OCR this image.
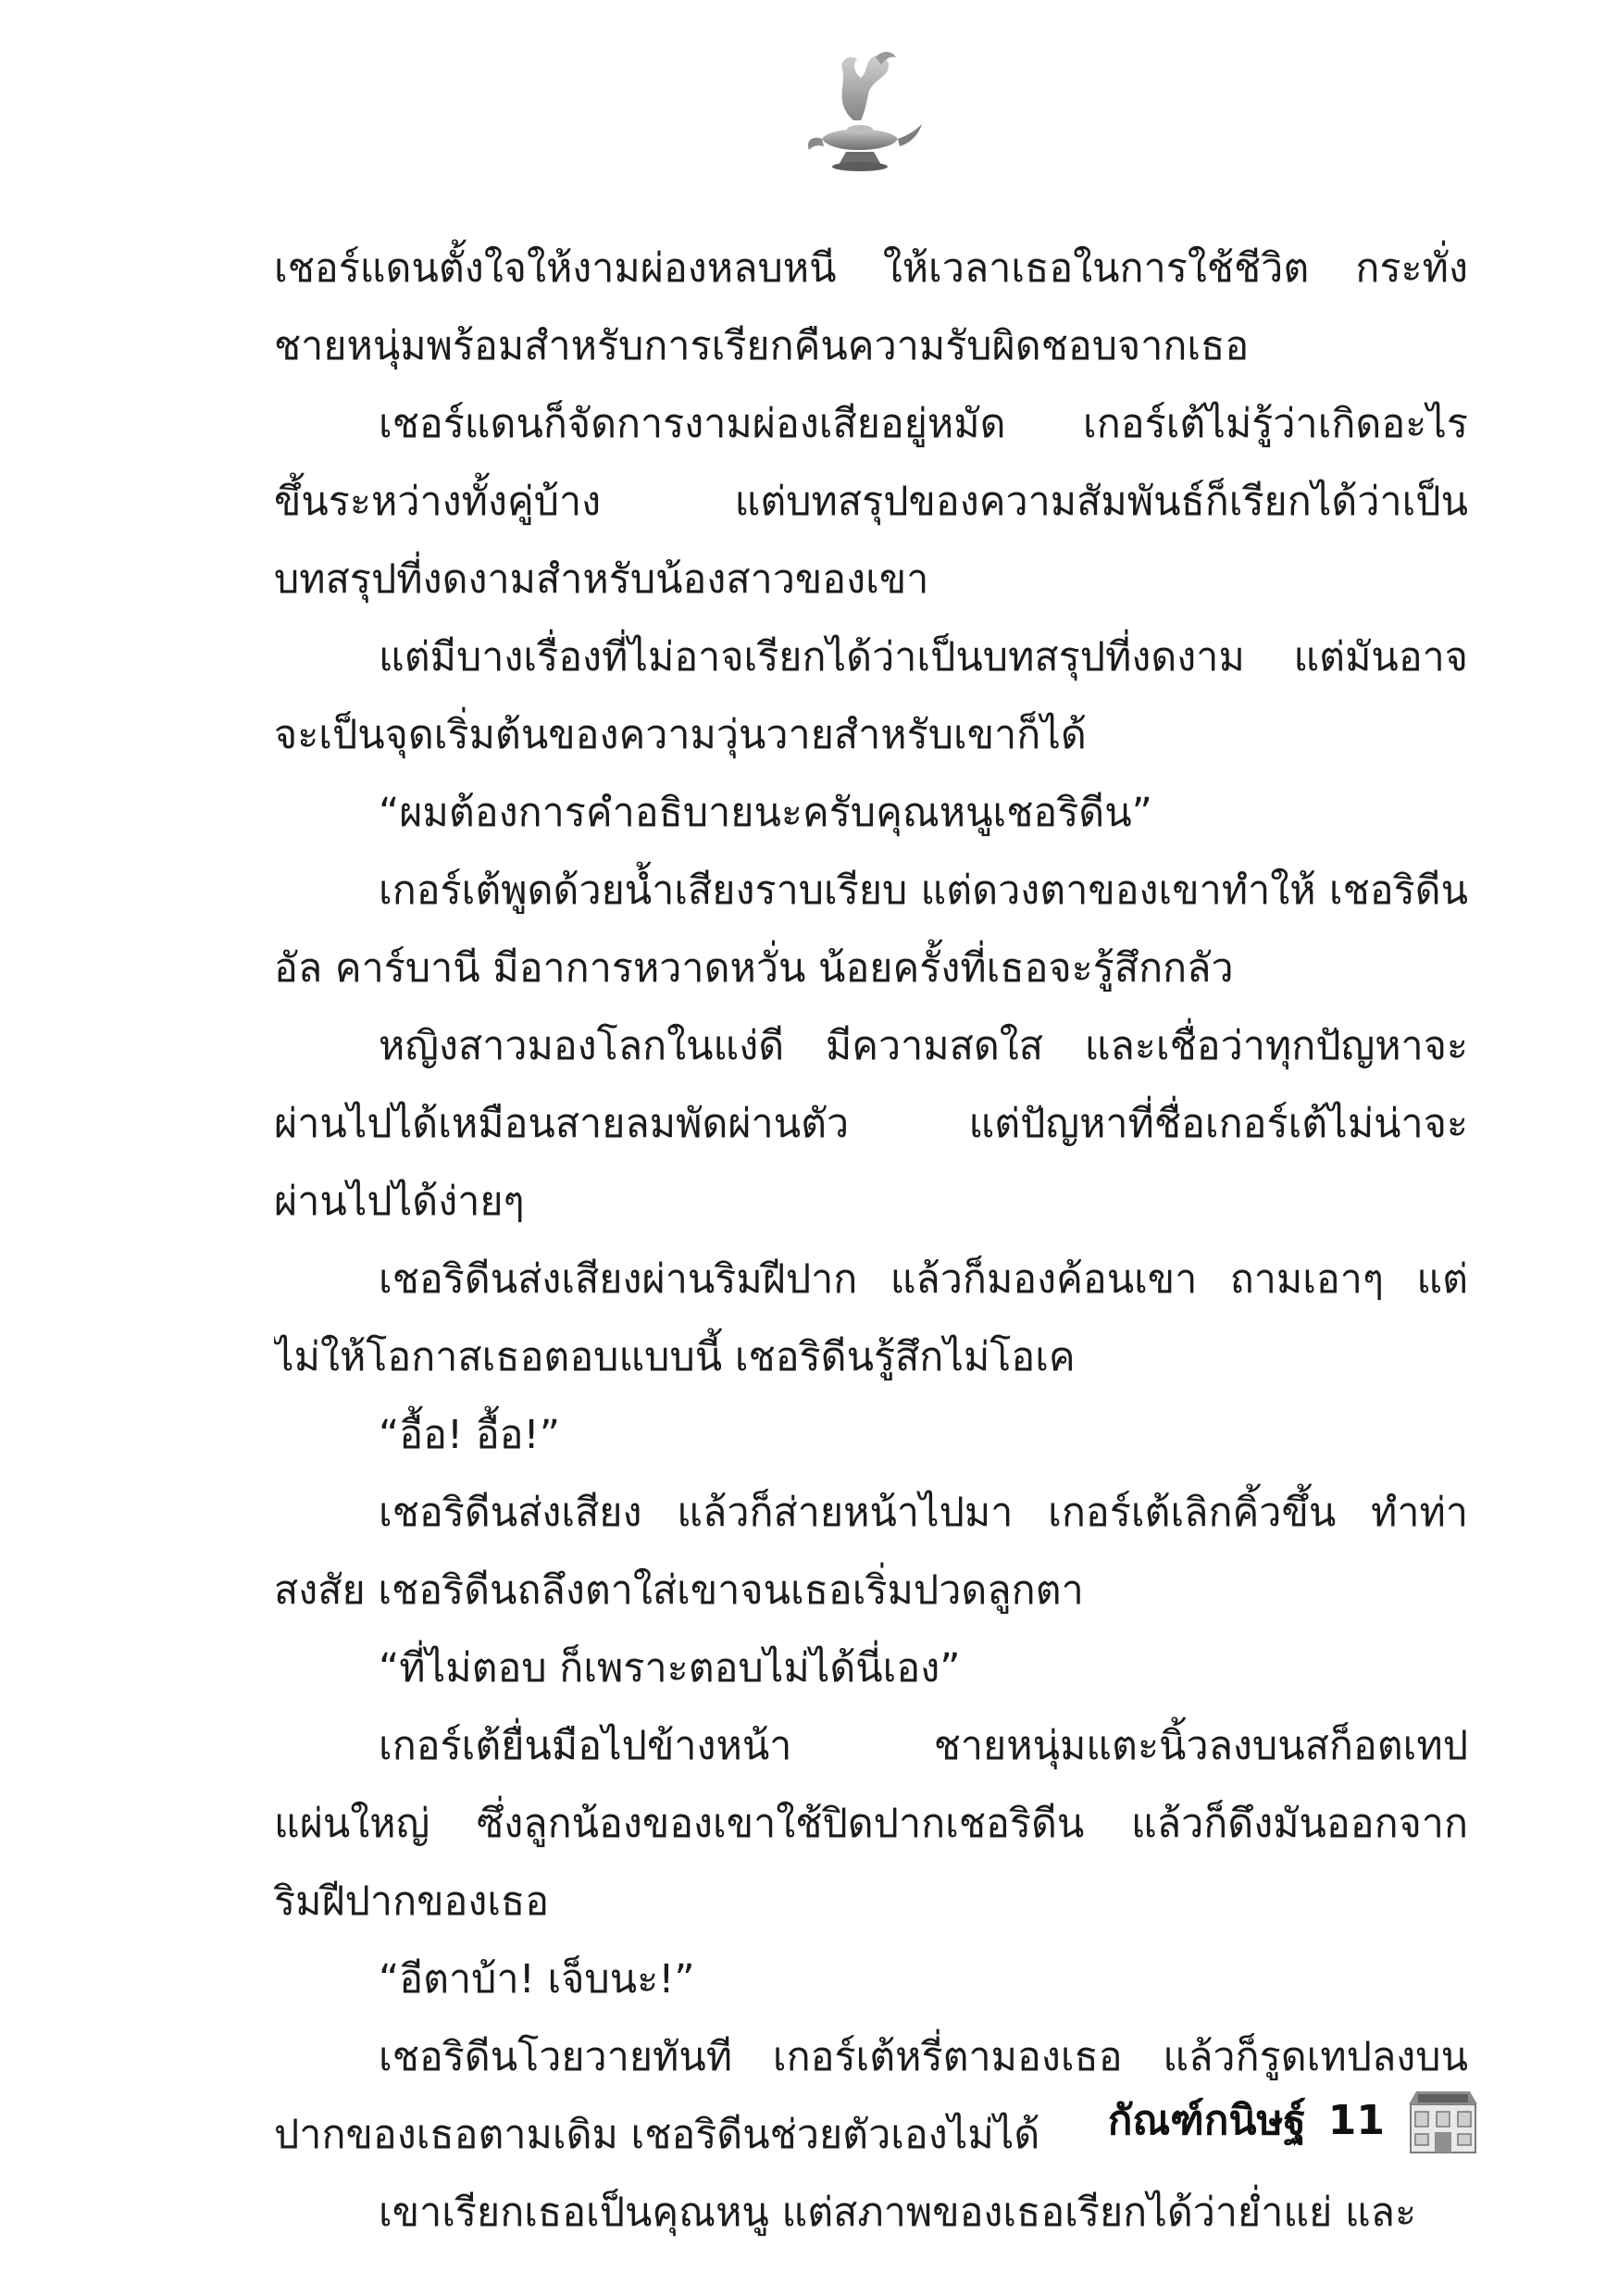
เชอร์แดนตั้งใจให้งามผ่องหลบหนี ให้เวลาเธอในการใช้ชีวิต กระทั่ง
ชายหนุ่มพร้อมสำหรับการเรียกคืนความรับผิดชอบจากเธอ
เชอร์แดนก็จัดการงามผ่องเสียอยู่หมัด เกอร์เต้ไม่รู้ว่าเกิดอะไร
ขึ้นระหว่างทั้งคู่บ้าง แต่บทสรุปของความสัมพันธ์ก็เรียกได้ว่าเป็น
บทสรุปที่งดงามสำหรับน้องสาวของเขา
แต่มีบางเรื่องที่ไม่อาจเรียกได้ว่าเป็นบทสรุปที่งดงาม แต่มันอาจ
จะเป็นจุดเริ่มต้นของความวุ่นวายสำหรับเขาก็ได้
“ผมต้องการคำอธิบายนะครับคุณหนูเชอริดีน”
เกอร์เต้พูดด้วยน้ำเสียงราบเรียบ แต่ดวงตาของเขาทำให้ เชอริดีน
อัล คาร์บานี มีอาการหวาดหวั่น น้อยครั้งที่เธอจะรู้สึกกลัว
หญิงสาวมองโลกในแง่ดี มีความสดใส และเชื่อว่าทุกปัญหาจะ
ผ่านไปได้เหมือนสายลมพัดผ่านตัว แต่ปัญหาที่ชื่อเกอร์เต้ไม่น่าจะ
ผ่านไปได้ง่ายๆ
เชอริดีนส่งเสียงผ่านริมฝีปาก แล้วก็มองค้อนเขา ถามเอาๆ แต่
ไม่ให้โอกาสเธอตอบแบบนี้ เชอริดีนรู้สึกไม่โอเค
“อื้อ! อื้อ!”
เชอริดีนส่งเสียง แล้วก็ส่ายหน้าไปมา เกอร์เต้เลิกคิ้วขึ้น ทำท่า
สงสัย เชอริดีนถลึงตาใส่เขาจนเธอเริ่มปวดลูกตา
“ที่ไม่ตอบ ก็เพราะตอบไม่ได้นี่เอง”
เกอร์เต้ยื่นมือไปข้างหน้า ชายหนุ่มแตะนิ้วลงบนสก็อตเทป
แผ่นใหญ่ ซึ่งลูกน้องของเขาใช้ปิดปากเชอริดีน แล้วก็ดึงมันออกจาก
ริมฝีปากของเธอ
“อีตาบ้า! เจ็บนะ!”
เชอริดีนโวยวายทันที เกอร์เต้หรี่ตามองเธอ แล้วก็รูดเทปลงบน
ปากของเธอตามเดิม เชอริดีนช่วยตัวเองไม่ได้
เขาเรียกเธอเป็นคุณหนู แต่สภาพของเธอเรียกได้ว่าย่ำแย่ และ
กัณฑ์กนิษฐ์ 11
